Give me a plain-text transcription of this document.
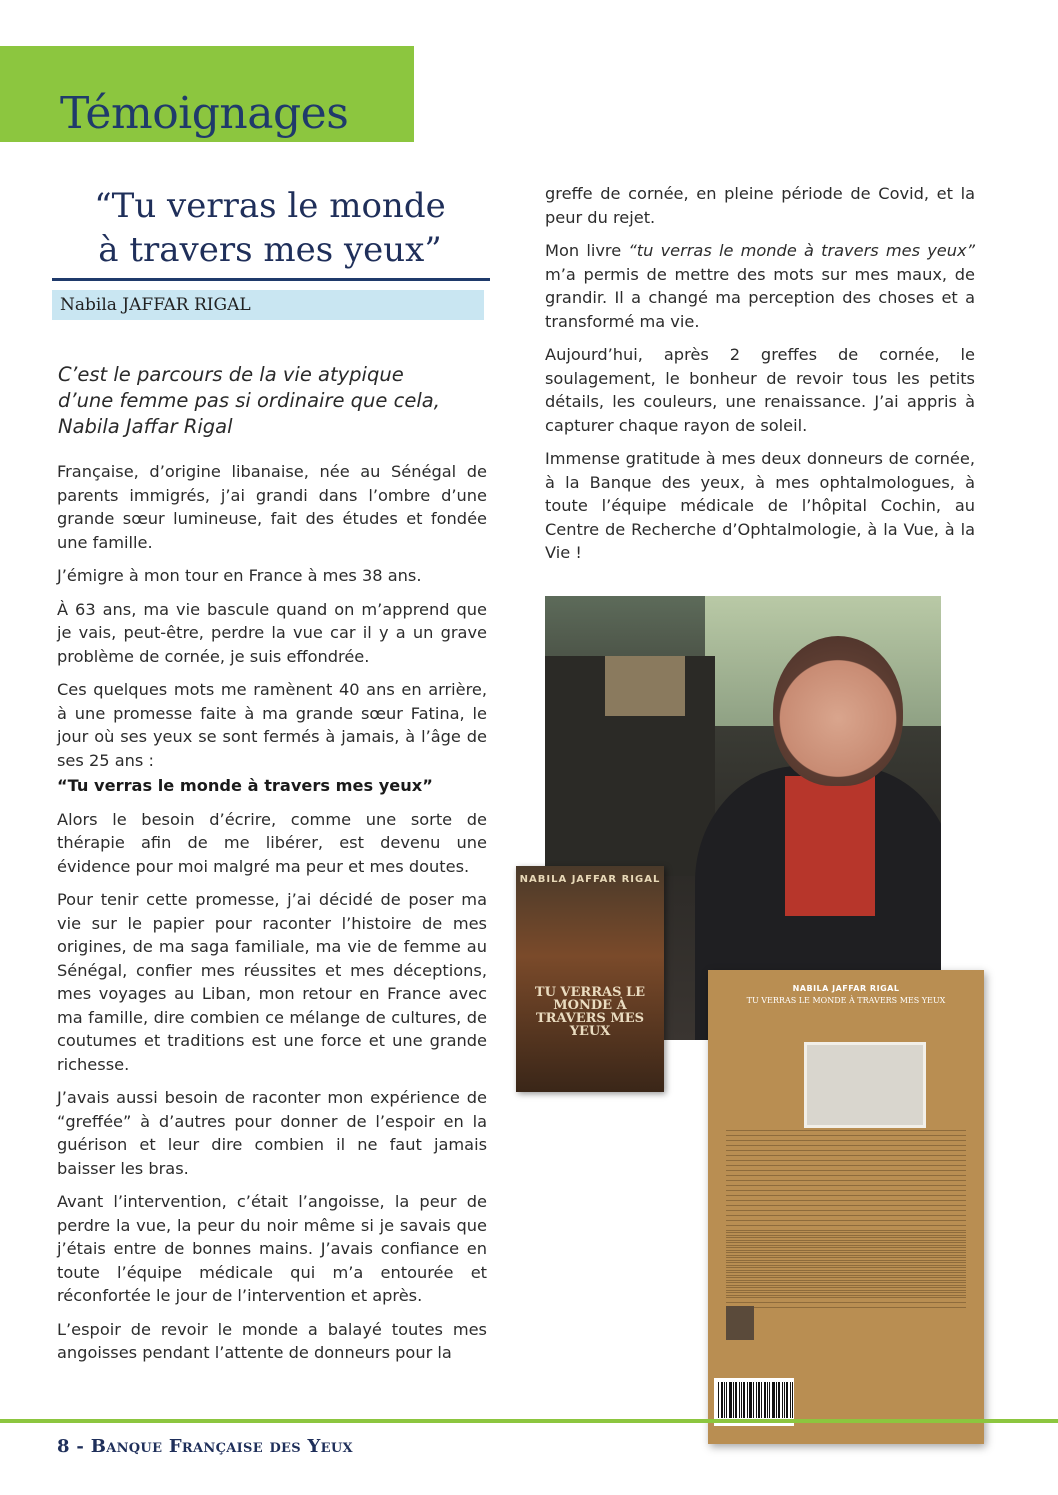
Témoignages
“Tu verras le monde
à travers mes yeux”
Nabila JAFFAR RIGAL

C’est le parcours de la vie atypique d’une femme pas si ordinaire que cela, Nabila Jaffar Rigal

Française, d’origine libanaise, née au Sénégal de parents immigrés, j’ai grandi dans l’ombre d’une grande sœur lumineuse, fait des études et fondée une famille.

J’émigre à mon tour en France à mes 38 ans.

À 63 ans, ma vie bascule quand on m’apprend que je vais, peut-être, perdre la vue car il y a un grave problème de cornée, je suis effondrée.

Ces quelques mots me ramènent 40 ans en arrière, à une promesse faite à ma grande sœur Fatina, le jour où ses yeux se sont fermés à jamais, à l’âge de ses 25 ans :

“Tu verras le monde à travers mes yeux”

Alors le besoin d’écrire, comme une sorte de thérapie afin de me libérer, est devenu une évidence pour moi malgré ma peur et mes doutes.

Pour tenir cette promesse, j’ai décidé de poser ma vie sur le papier pour raconter l’histoire de mes origines, de ma saga familiale, ma vie de femme au Sénégal, confier mes réussites et mes déceptions, mes voyages au Liban, mon retour en France avec ma famille, dire combien ce mélange de cultures, de coutumes et traditions est une force et une grande richesse.

J’avais aussi besoin de raconter mon expérience de “greffée” à d’autres pour donner de l’espoir en la guérison et leur dire combien il ne faut jamais baisser les bras.

Avant l’intervention, c’était l’angoisse, la peur de perdre la vue, la peur du noir même si je savais que j’étais entre de bonnes mains. J’avais confiance en toute l’équipe médicale qui m’a entourée et réconfortée le jour de l’intervention et après.

L’espoir de revoir le monde a balayé toutes mes angoisses pendant l’attente de donneurs pour la

greffe de cornée, en pleine période de Covid, et la peur du rejet.

Mon livre “tu verras le monde à travers mes yeux” m’a permis de mettre des mots sur mes maux, de grandir. Il a changé ma perception des choses et a transformé ma vie.

Aujourd’hui, après 2 greffes de cornée, le soulagement, le bonheur de revoir tous les petits détails, les couleurs, une renaissance. J’ai appris à capturer chaque rayon de soleil.

Immense gratitude à mes deux donneurs de cornée, à la Banque des yeux, à mes ophtalmologues, à toute l’équipe médicale de l’hôpital Cochin, au Centre de Recherche d’Ophtalmologie, à la Vue, à la Vie !

NABILA JAFFAR RIGAL
TU VERRAS LE MONDE À TRAVERS MES YEUX
NABILA JAFFAR RIGAL
TU VERRAS LE MONDE À TRAVERS MES YEUX
8 - Banque Française des Yeux
